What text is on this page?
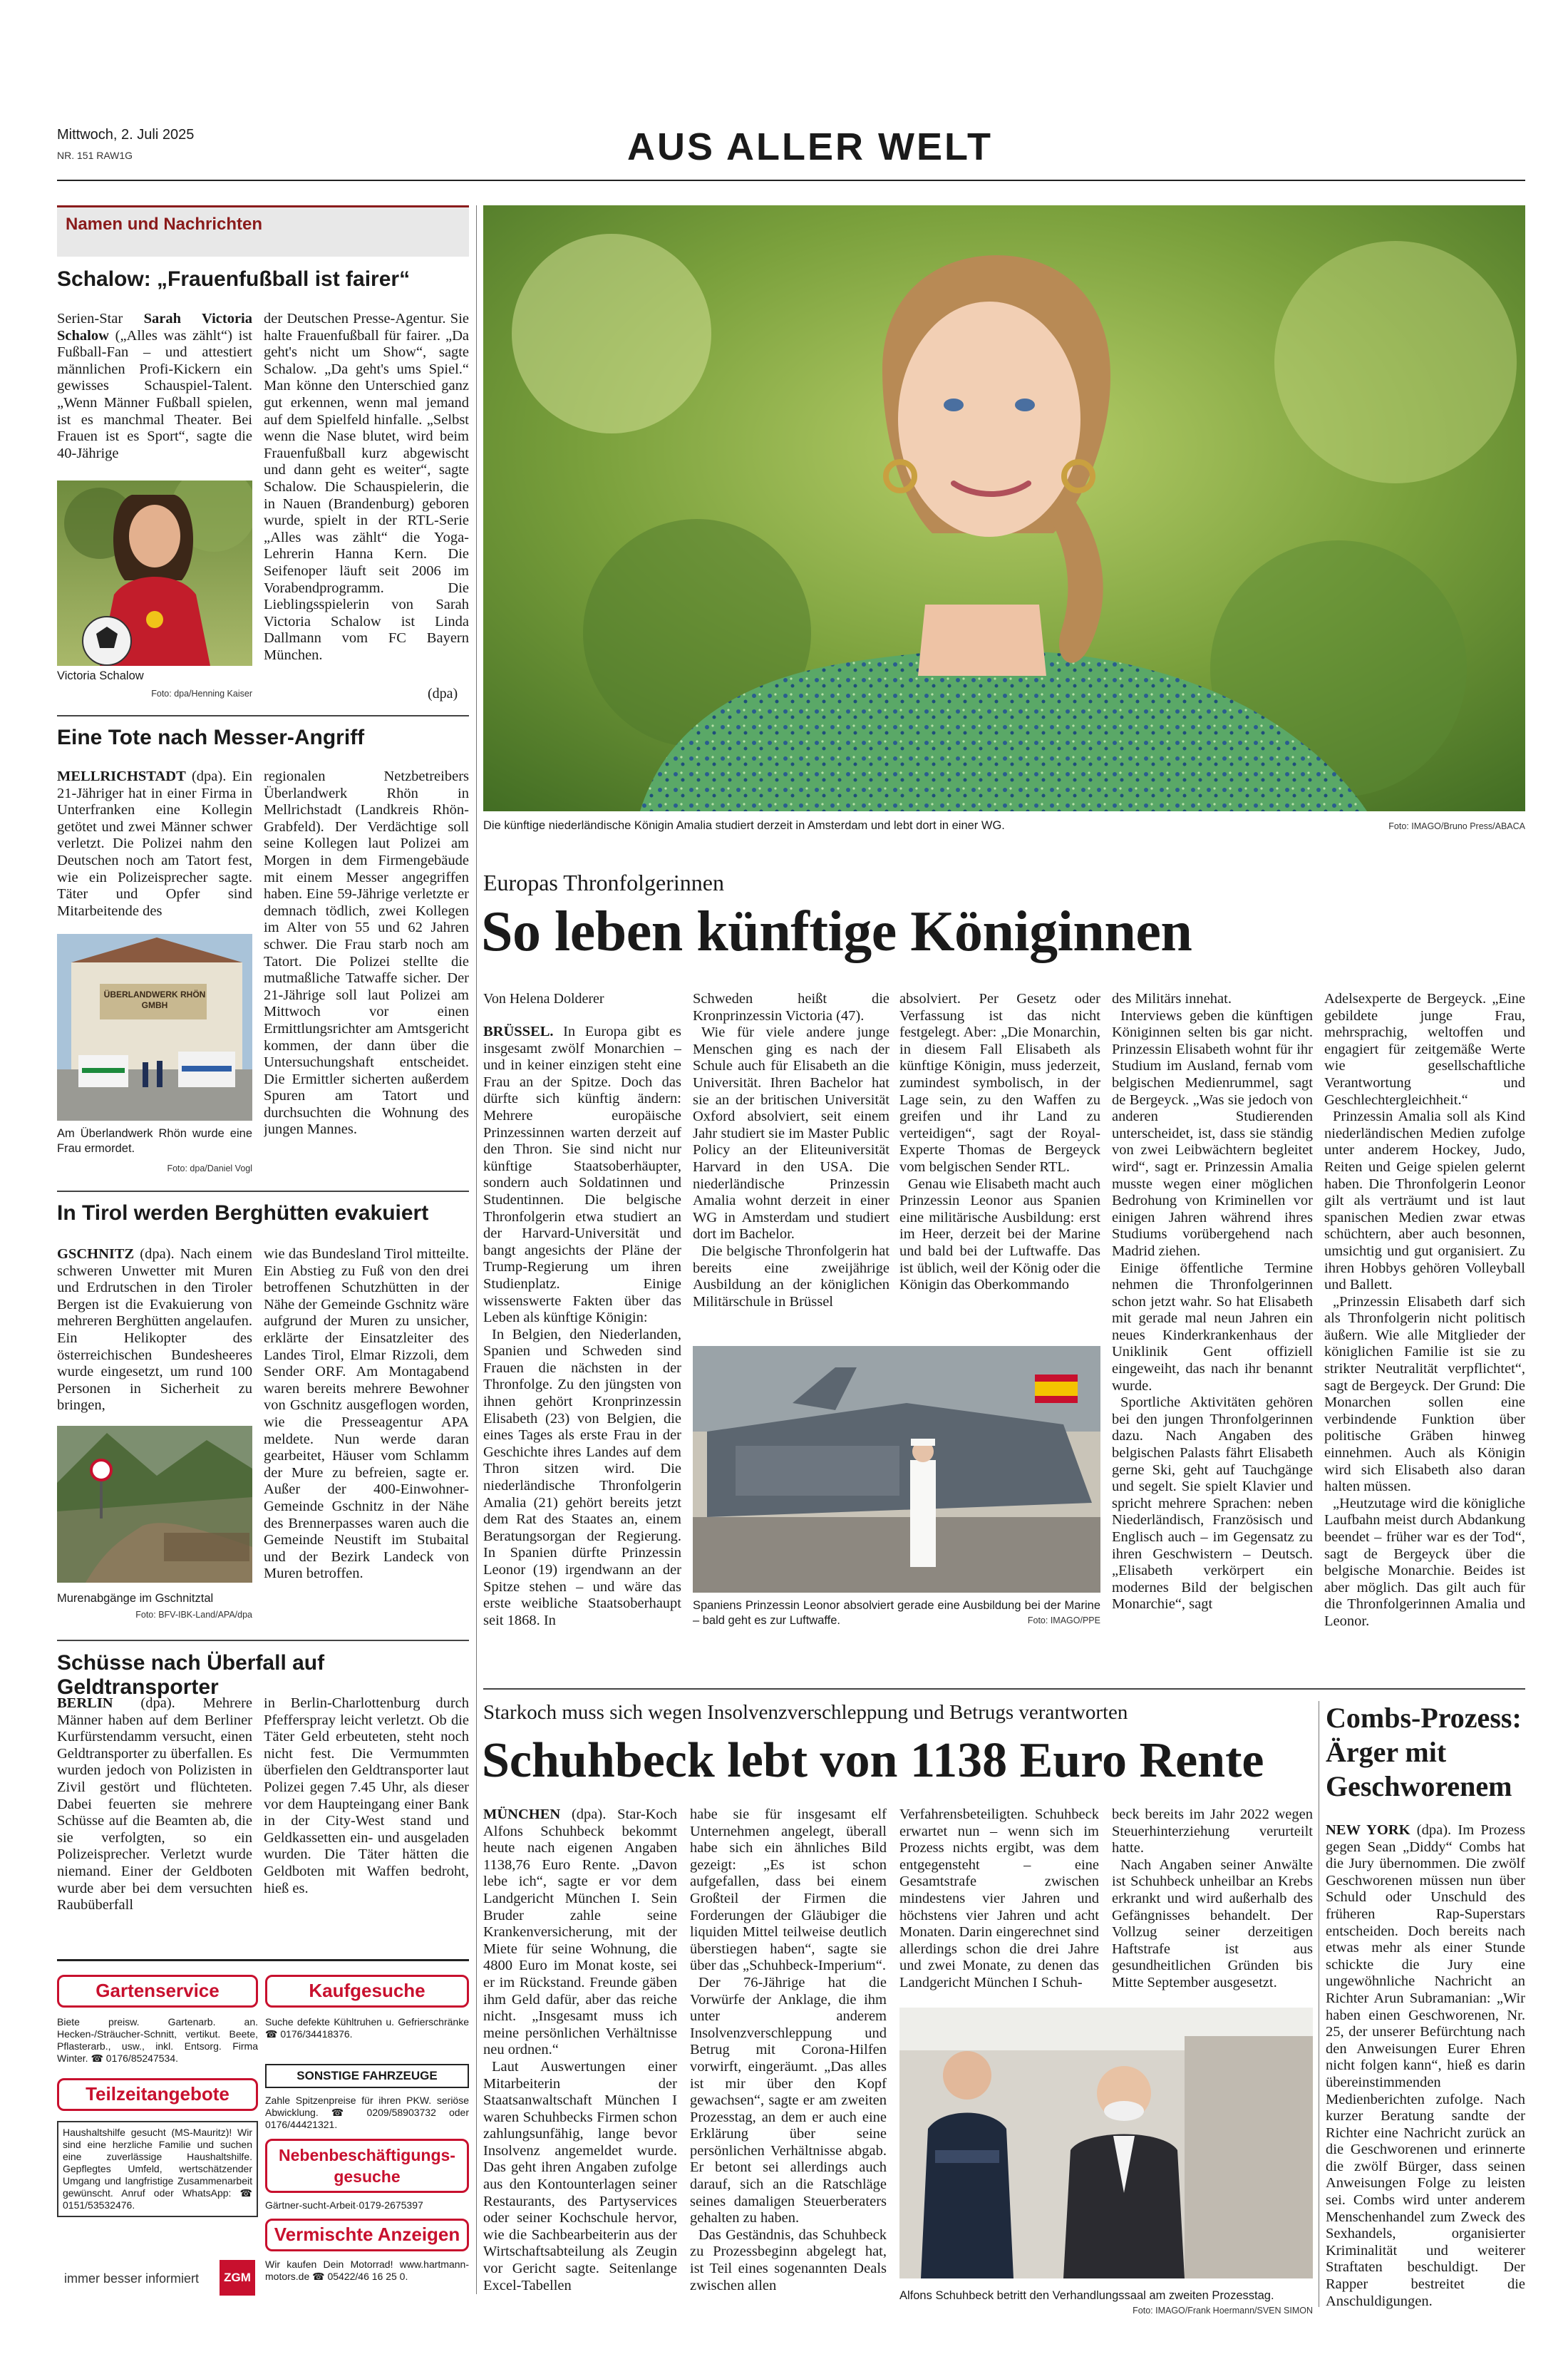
Mittwoch, 2. Juli 2025
NR. 151 RAW1G	AUS ALLER WELT
Namen und Nachrichten
Schalow: „Frauenfußball ist fairer“
Serien-Star Sarah Victoria Schalow („Alles was zählt“) ist Fußball-Fan – und attestiert männlichen Profi-Kickern ein gewisses Schauspiel-Talent. „Wenn Männer Fußball spielen, ist es manchmal Theater. Bei Frauen ist es Sport“, sagte die 40-Jährige
Victoria Schalow
Foto: dpa/Henning Kaiser
der Deutschen Presse-Agentur. Sie halte Frauenfußball für fairer. „Da geht's nicht um Show“, sagte Schalow. „Da geht's ums Spiel.“ Man könne den Unterschied ganz gut erkennen, wenn mal jemand auf dem Spielfeld hinfalle. „Selbst wenn die Nase blutet, wird beim Frauenfußball kurz abgewischt und dann geht es weiter“, sagte Schalow. Die Schauspielerin, die in Nauen (Brandenburg) geboren wurde, spielt in der RTL-Serie „Alles was zählt“ die Yoga-Lehrerin Hanna Kern. Die Seifenoper läuft seit 2006 im Vorabendprogramm. Die Lieblingsspielerin von Sarah Victoria Schalow ist Linda Dallmann vom FC Bayern München.
(dpa)
Eine Tote nach Messer-Angriff
MELLRICHSTADT (dpa). Ein 21-Jähriger hat in einer Firma in Unterfranken eine Kollegin getötet und zwei Männer schwer verletzt. Die Polizei nahm den Deutschen noch am Tatort fest, wie ein Polizeisprecher sagte. Täter und Opfer sind Mitarbeitende des
ÜBERLANDWERK RHÖN GMBH
Am Überlandwerk Rhön wurde eine Frau ermordet.
Foto: dpa/Daniel Vogl
regionalen Netzbetreibers Überlandwerk Rhön in Mellrichstadt (Landkreis Rhön-Grabfeld). Der Verdächtige soll seine Kollegen laut Polizei am Morgen in dem Firmengebäude mit einem Messer angegriffen haben. Eine 59-Jährige verletzte er demnach tödlich, zwei Kollegen im Alter von 55 und 62 Jahren schwer. Die Frau starb noch am Tatort. Die Polizei stellte die mutmaßliche Tatwaffe sicher. Der 21-Jährige soll laut Polizei am Mittwoch vor einen Ermittlungsrichter am Amtsgericht kommen, der dann über die Untersuchungshaft entscheidet. Die Ermittler sicherten außerdem Spuren am Tatort und durchsuchten die Wohnung des jungen Mannes.
In Tirol werden Berghütten evakuiert
GSCHNITZ (dpa). Nach einem schweren Unwetter mit Muren und Erdrutschen in den Tiroler Bergen ist die Evakuierung von mehreren Berghütten angelaufen. Ein Helikopter des österreichischen Bundesheeres wurde eingesetzt, um rund 100 Personen in Sicherheit zu bringen,
Murenabgänge im Gschnitztal
Foto: BFV-IBK-Land/APA/dpa
wie das Bundesland Tirol mitteilte. Ein Abstieg zu Fuß von den drei betroffenen Schutzhütten in der Nähe der Gemeinde Gschnitz wäre aufgrund der Muren zu unsicher, erklärte der Einsatzleiter des Landes Tirol, Elmar Rizzoli, dem Sender ORF. Am Montagabend waren bereits mehrere Bewohner von Gschnitz ausgeflogen worden, wie die Presseagentur APA meldete. Nun werde daran gearbeitet, Häuser vom Schlamm der Mure zu befreien, sagte er. Außer der 400-Einwohner-Gemeinde Gschnitz in der Nähe des Brennerpasses waren auch die Gemeinde Neustift im Stubaital und der Bezirk Landeck von Muren betroffen.
Schüsse nach Überfall auf Geldtransporter
BERLIN (dpa). Mehrere Männer haben auf dem Berliner Kurfürstendamm versucht, einen Geldtransporter zu überfallen. Es wurden jedoch von Polizisten in Zivil gestört und flüchteten. Dabei feuerten sie mehrere Schüsse auf die Beamten ab, die sie verfolgten, so ein Polizeisprecher. Verletzt wurde niemand. Einer der Geldboten wurde aber bei dem versuchten Raubüberfall
in Berlin-Charlottenburg durch Pfefferspray leicht verletzt. Ob die Täter Geld erbeuteten, steht noch nicht fest. Die Vermummten überfielen den Geldtransporter laut Polizei gegen 7.45 Uhr, als dieser vor dem Haupteingang einer Bank in der City-West stand und Geldkassetten ein- und ausgeladen wurden. Die Täter hätten die Geldboten mit Waffen bedroht, hieß es.
Gartenservice
Biete preisw. Gartenarb. an. Hecken-/Sträucher-Schnitt, vertikut. Beete, Pflasterarb., usw., inkl. Entsorg. Firma Winter. ☎ 0176/85247534.
Kaufgesuche
Suche defekte Kühltruhen u. Gefrierschränke ☎ 0176/34418376.
Teilzeitangebote
Haushaltshilfe gesucht (MS-Mauritz)! Wir sind eine herzliche Familie und suchen eine zuverlässige Haushaltshilfe. Gepflegtes Umfeld, wertschätzender Umgang und langfristige Zusammenarbeit gewünscht. Anruf oder WhatsApp: ☎ 0151/53532476.
SONSTIGE FAHRZEUGE
Zahle Spitzenpreise für ihren PKW. seriöse Abwicklung. ☎ 0209/58903732 oder 0176/44421321.
Nebenbeschäftigungs-gesuche
Gärtner-sucht-Arbeit·0179-2675397
Vermischte Anzeigen
Wir kaufen Dein Motorrad! www.hartmann-motors.de ☎ 05422/46 16 25 0.
immer besser informiert	ZGM
Die künftige niederländische Königin Amalia studiert derzeit in Amsterdam und lebt dort in einer WG.	Foto: IMAGO/Bruno Press/ABACA
Europas Thronfolgerinnen
So leben künftige Königinnen
Von Helena Dolderer

BRÜSSEL. In Europa gibt es insgesamt zwölf Monarchien – und in keiner einzigen steht eine Frau an der Spitze. Doch das dürfte sich künftig ändern: Mehrere europäische Prinzessinnen warten derzeit auf den Thron. Sie sind nicht nur künftige Staatsoberhäupter, sondern auch Soldatinnen und Studentinnen. Die belgische Thronfolgerin etwa studiert an der Harvard-Universität und bangt angesichts der Pläne der Trump-Regierung um ihren Studienplatz. Einige wissenswerte Fakten über das Leben als künftige Königin:

In Belgien, den Niederlanden, Spanien und Schweden sind Frauen die nächsten in der Thronfolge. Zu den jüngsten von ihnen gehört Kronprinzessin Elisabeth (23) von Belgien, die eines Tages als erste Frau in der Geschichte ihres Landes auf dem Thron sitzen wird. Die niederländische Thronfolgerin Amalia (21) gehört bereits jetzt dem Rat des Staates an, einem Beratungsorgan der Regierung. In Spanien dürfte Prinzessin Leonor (19) irgendwann an der Spitze stehen – und wäre das erste weibliche Staatsoberhaupt seit 1868. In

Schweden heißt die Kronprinzessin Victoria (47).

Wie für viele andere junge Menschen ging es nach der Schule auch für Elisabeth an die Universität. Ihren Bachelor hat sie an der britischen Universität Oxford absolviert, seit einem Jahr studiert sie im Master Public Policy an der Eliteuniversität Harvard in den USA. Die niederländische Prinzessin Amalia wohnt derzeit in einer WG in Amsterdam und studiert dort im Bachelor.

Die belgische Thronfolgerin hat bereits eine zweijährige Ausbildung an der königlichen Militärschule in Brüssel

absolviert. Per Gesetz oder Verfassung ist das nicht festgelegt. Aber: „Die Monarchin, in diesem Fall Elisabeth als künftige Königin, muss jederzeit, zumindest symbolisch, in der Lage sein, zu den Waffen zu greifen und ihr Land zu verteidigen“, sagt der Royal-Experte Thomas de Bergeyck vom belgischen Sender RTL.

Genau wie Elisabeth macht auch Prinzessin Leonor aus Spanien eine militärische Ausbildung: erst im Heer, derzeit bei der Marine und bald bei der Luftwaffe. Das ist üblich, weil der König oder die Königin das Oberkommando

Spaniens Prinzessin Leonor absolviert gerade eine Ausbildung bei der Marine – bald geht es zur Luftwaffe.	Foto: IMAGO/PPE

des Militärs innehat.

Interviews geben die künftigen Königinnen selten bis gar nicht. Prinzessin Elisabeth wohnt für ihr Studium im Ausland, fernab vom belgischen Medienrummel, sagt de Bergeyck. „Was sie jedoch von anderen Studierenden unterscheidet, ist, dass sie ständig von zwei Leibwächtern begleitet wird“, sagt er. Prinzessin Amalia musste wegen einer möglichen Bedrohung von Kriminellen vor einigen Jahren während ihres Studiums vorübergehend nach Madrid ziehen.

Einige öffentliche Termine nehmen die Thronfolgerinnen schon jetzt wahr. So hat Elisabeth mit gerade mal neun Jahren ein neues Kinderkrankenhaus der Uniklinik Gent offiziell eingeweiht, das nach ihr benannt wurde.

Sportliche Aktivitäten gehören bei den jungen Thronfolgerinnen dazu. Nach Angaben des belgischen Palasts fährt Elisabeth gerne Ski, geht auf Tauchgänge und segelt. Sie spielt Klavier und spricht mehrere Sprachen: neben Niederländisch, Französisch und Englisch auch – im Gegensatz zu ihren Geschwistern – Deutsch. „Elisabeth verkörpert ein modernes Bild der belgischen Monarchie“, sagt

Adelsexperte de Bergeyck. „Eine gebildete junge Frau, mehrsprachig, weltoffen und engagiert für zeitgemäße Werte wie gesellschaftliche Verantwortung und Geschlechtergleichheit.“

Prinzessin Amalia soll als Kind niederländischen Medien zufolge unter anderem Hockey, Judo, Reiten und Geige spielen gelernt haben. Die Thronfolgerin Leonor gilt als verträumt und ist laut spanischen Medien zwar etwas schüchtern, aber auch besonnen, umsichtig und gut organisiert. Zu ihren Hobbys gehören Volleyball und Ballett.

„Prinzessin Elisabeth darf sich als Thronfolgerin nicht politisch äußern. Wie alle Mitglieder der königlichen Familie ist sie zu strikter Neutralität verpflichtet“, sagt de Bergeyck. Der Grund: Die Monarchen sollen eine verbindende Funktion über politische Gräben hinweg einnehmen. Auch als Königin wird sich Elisabeth also daran halten müssen.

„Heutzutage wird die königliche Laufbahn meist durch Abdankung beendet – früher war es der Tod“, sagt de Bergeyck über die belgische Monarchie. Beides ist aber möglich. Das gilt auch für die Thronfolgerinnen Amalia und Leonor.

Starkoch muss sich wegen Insolvenzverschleppung und Betrugs verantworten
Schuhbeck lebt von 1138 Euro Rente

MÜNCHEN (dpa). Star-Koch Alfons Schuhbeck bekommt heute nach eigenen Angaben 1138,76 Euro Rente. „Davon lebe ich“, sagte er vor dem Landgericht München I. Sein Bruder zahle seine Krankenversicherung, mit der Miete für seine Wohnung, die 4800 Euro im Monat koste, sei er im Rückstand. Freunde gäben ihm Geld dafür, aber das reiche nicht. „Insgesamt muss ich meine persönlichen Verhältnisse neu ordnen.“

Laut Auswertungen einer Mitarbeiterin der Staatsanwaltschaft München I waren Schuhbecks Firmen schon zahlungsunfähig, lange bevor Insolvenz angemeldet wurde. Das geht ihren Angaben zufolge aus den Kontounterlagen seiner Restaurants, des Partyservices oder seiner Kochschule hervor, wie die Sachbearbeiterin aus der Wirtschaftsabteilung als Zeugin vor Gericht sagte. Seitenlange Excel-Tabellen

habe sie für insgesamt elf Unternehmen angelegt, überall habe sich ein ähnliches Bild gezeigt: „Es ist schon aufgefallen, dass bei einem Großteil der Firmen die Forderungen der Gläubiger die liquiden Mittel teilweise deutlich überstiegen haben“, sagte sie über das „Schuhbeck-Imperium“.

Der 76-Jährige hat die Vorwürfe der Anklage, die ihm unter anderem Insolvenzverschleppung und Betrug mit Corona-Hilfen vorwirft, eingeräumt. „Das alles ist mir über den Kopf gewachsen“, sagte er am zweiten Prozesstag, an dem er auch eine Erklärung über seine persönlichen Verhältnisse abgab. Er betont sei allerdings auch darauf, sich an die Ratschläge seines damaligen Steuerberaters gehalten zu haben.

Das Geständnis, das Schuhbeck zu Prozessbeginn abgelegt hat, ist Teil eines sogenannten Deals zwischen allen

Verfahrensbeteiligten. Schuhbeck erwartet nun – wenn sich im Prozess nichts ergibt, was dem entgegensteht – eine Gesamtstrafe zwischen mindestens vier Jahren und höchstens vier Jahren und acht Monaten. Darin eingerechnet sind allerdings schon die drei Jahre und zwei Monate, zu denen das Landgericht München I Schuh-

beck bereits im Jahr 2022 wegen Steuerhinterziehung verurteilt hatte.

Nach Angaben seiner Anwälte ist Schuhbeck unheilbar an Krebs erkrankt und wird außerhalb des Gefängnisses behandelt. Der Vollzug seiner derzeitigen Haftstrafe ist aus gesundheitlichen Gründen bis Mitte September ausgesetzt.

Alfons Schuhbeck betritt den Verhandlungssaal am zweiten Prozesstag.
Foto: IMAGO/Frank Hoermann/SVEN SIMON
Combs-Prozess: Ärger mit Geschworenem

NEW YORK (dpa). Im Prozess gegen Sean „Diddy“ Combs hat die Jury übernommen. Die zwölf Geschworenen müssen nun über Schuld oder Unschuld des früheren Rap-Superstars entscheiden. Doch bereits nach etwas mehr als einer Stunde schickte die Jury eine ungewöhnliche Nachricht an Richter Arun Subramanian: „Wir haben einen Geschworenen, Nr. 25, der unserer Befürchtung nach den Anweisungen Eurer Ehren nicht folgen kann“, hieß es darin übereinstimmenden Medienberichten zufolge. Nach kurzer Beratung sandte der Richter eine Nachricht zurück an die Geschworenen und erinnerte die zwölf Bürger, dass seinen Anweisungen Folge zu leisten sei. Combs wird unter anderem Menschenhandel zum Zweck des Sexhandels, organisierter Kriminalität und weiterer Straftaten beschuldigt. Der Rapper bestreitet die Anschuldigungen.
